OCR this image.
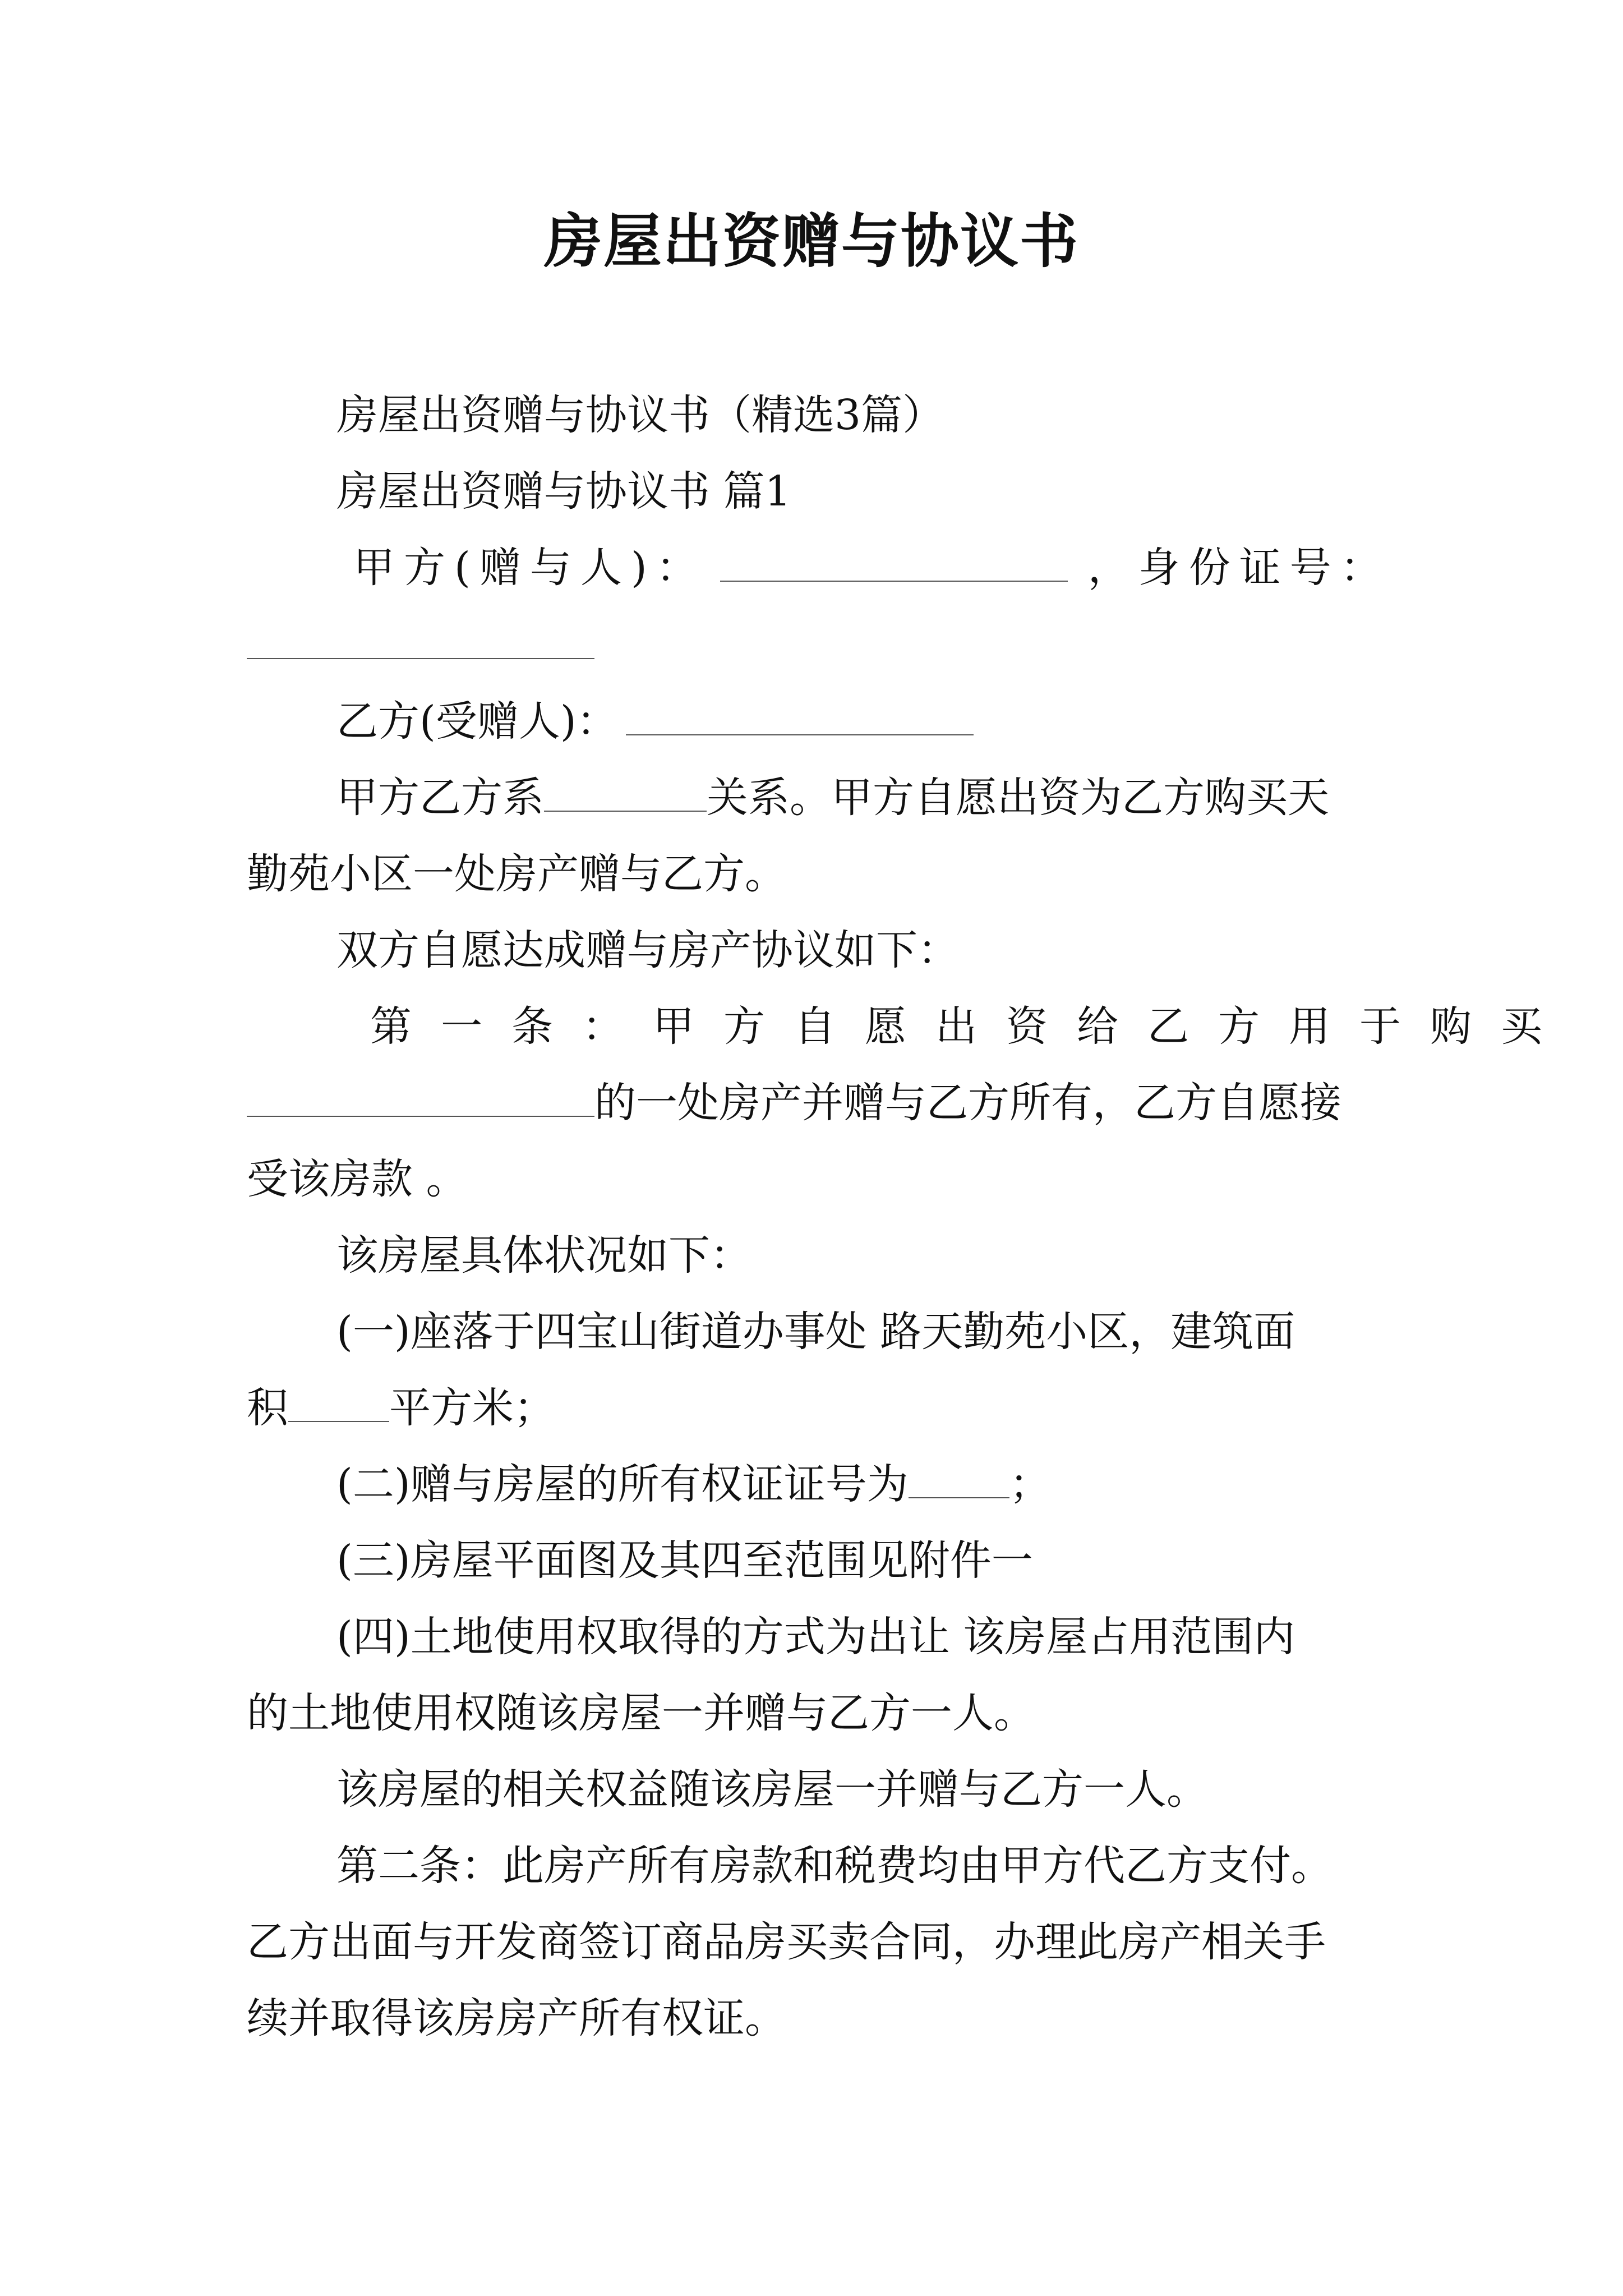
房屋出资赠与协议书
房屋出资赠与协议书（精选3篇）
房屋出资赠与协议书 篇1
甲方(赠与人)：	，身份证号：
乙方(受赠人)：
甲方乙方系	关系。甲方自愿出资为乙方购买天
勤苑小区一处房产赠与乙方。
双方自愿达成赠与房产协议如下：
第一条：甲方自愿出资给乙方用于购买
的一处房产并赠与乙方所有，乙方自愿接
受该房款 。
该房屋具体状况如下：
(一)座落于四宝山街道办事处 路天勤苑小区，建筑面
积 平方米；
(二)赠与房屋的所有权证证号为 ；
(三)房屋平面图及其四至范围见附件一
(四)土地使用权取得的方式为出让 该房屋占用范围内
的土地使用权随该房屋一并赠与乙方一人。
该房屋的相关权益随该房屋一并赠与乙方一人。
第二条：此房产所有房款和税费均由甲方代乙方支付。
乙方出面与开发商签订商品房买卖合同，办理此房产相关手
续并取得该房房产所有权证。
